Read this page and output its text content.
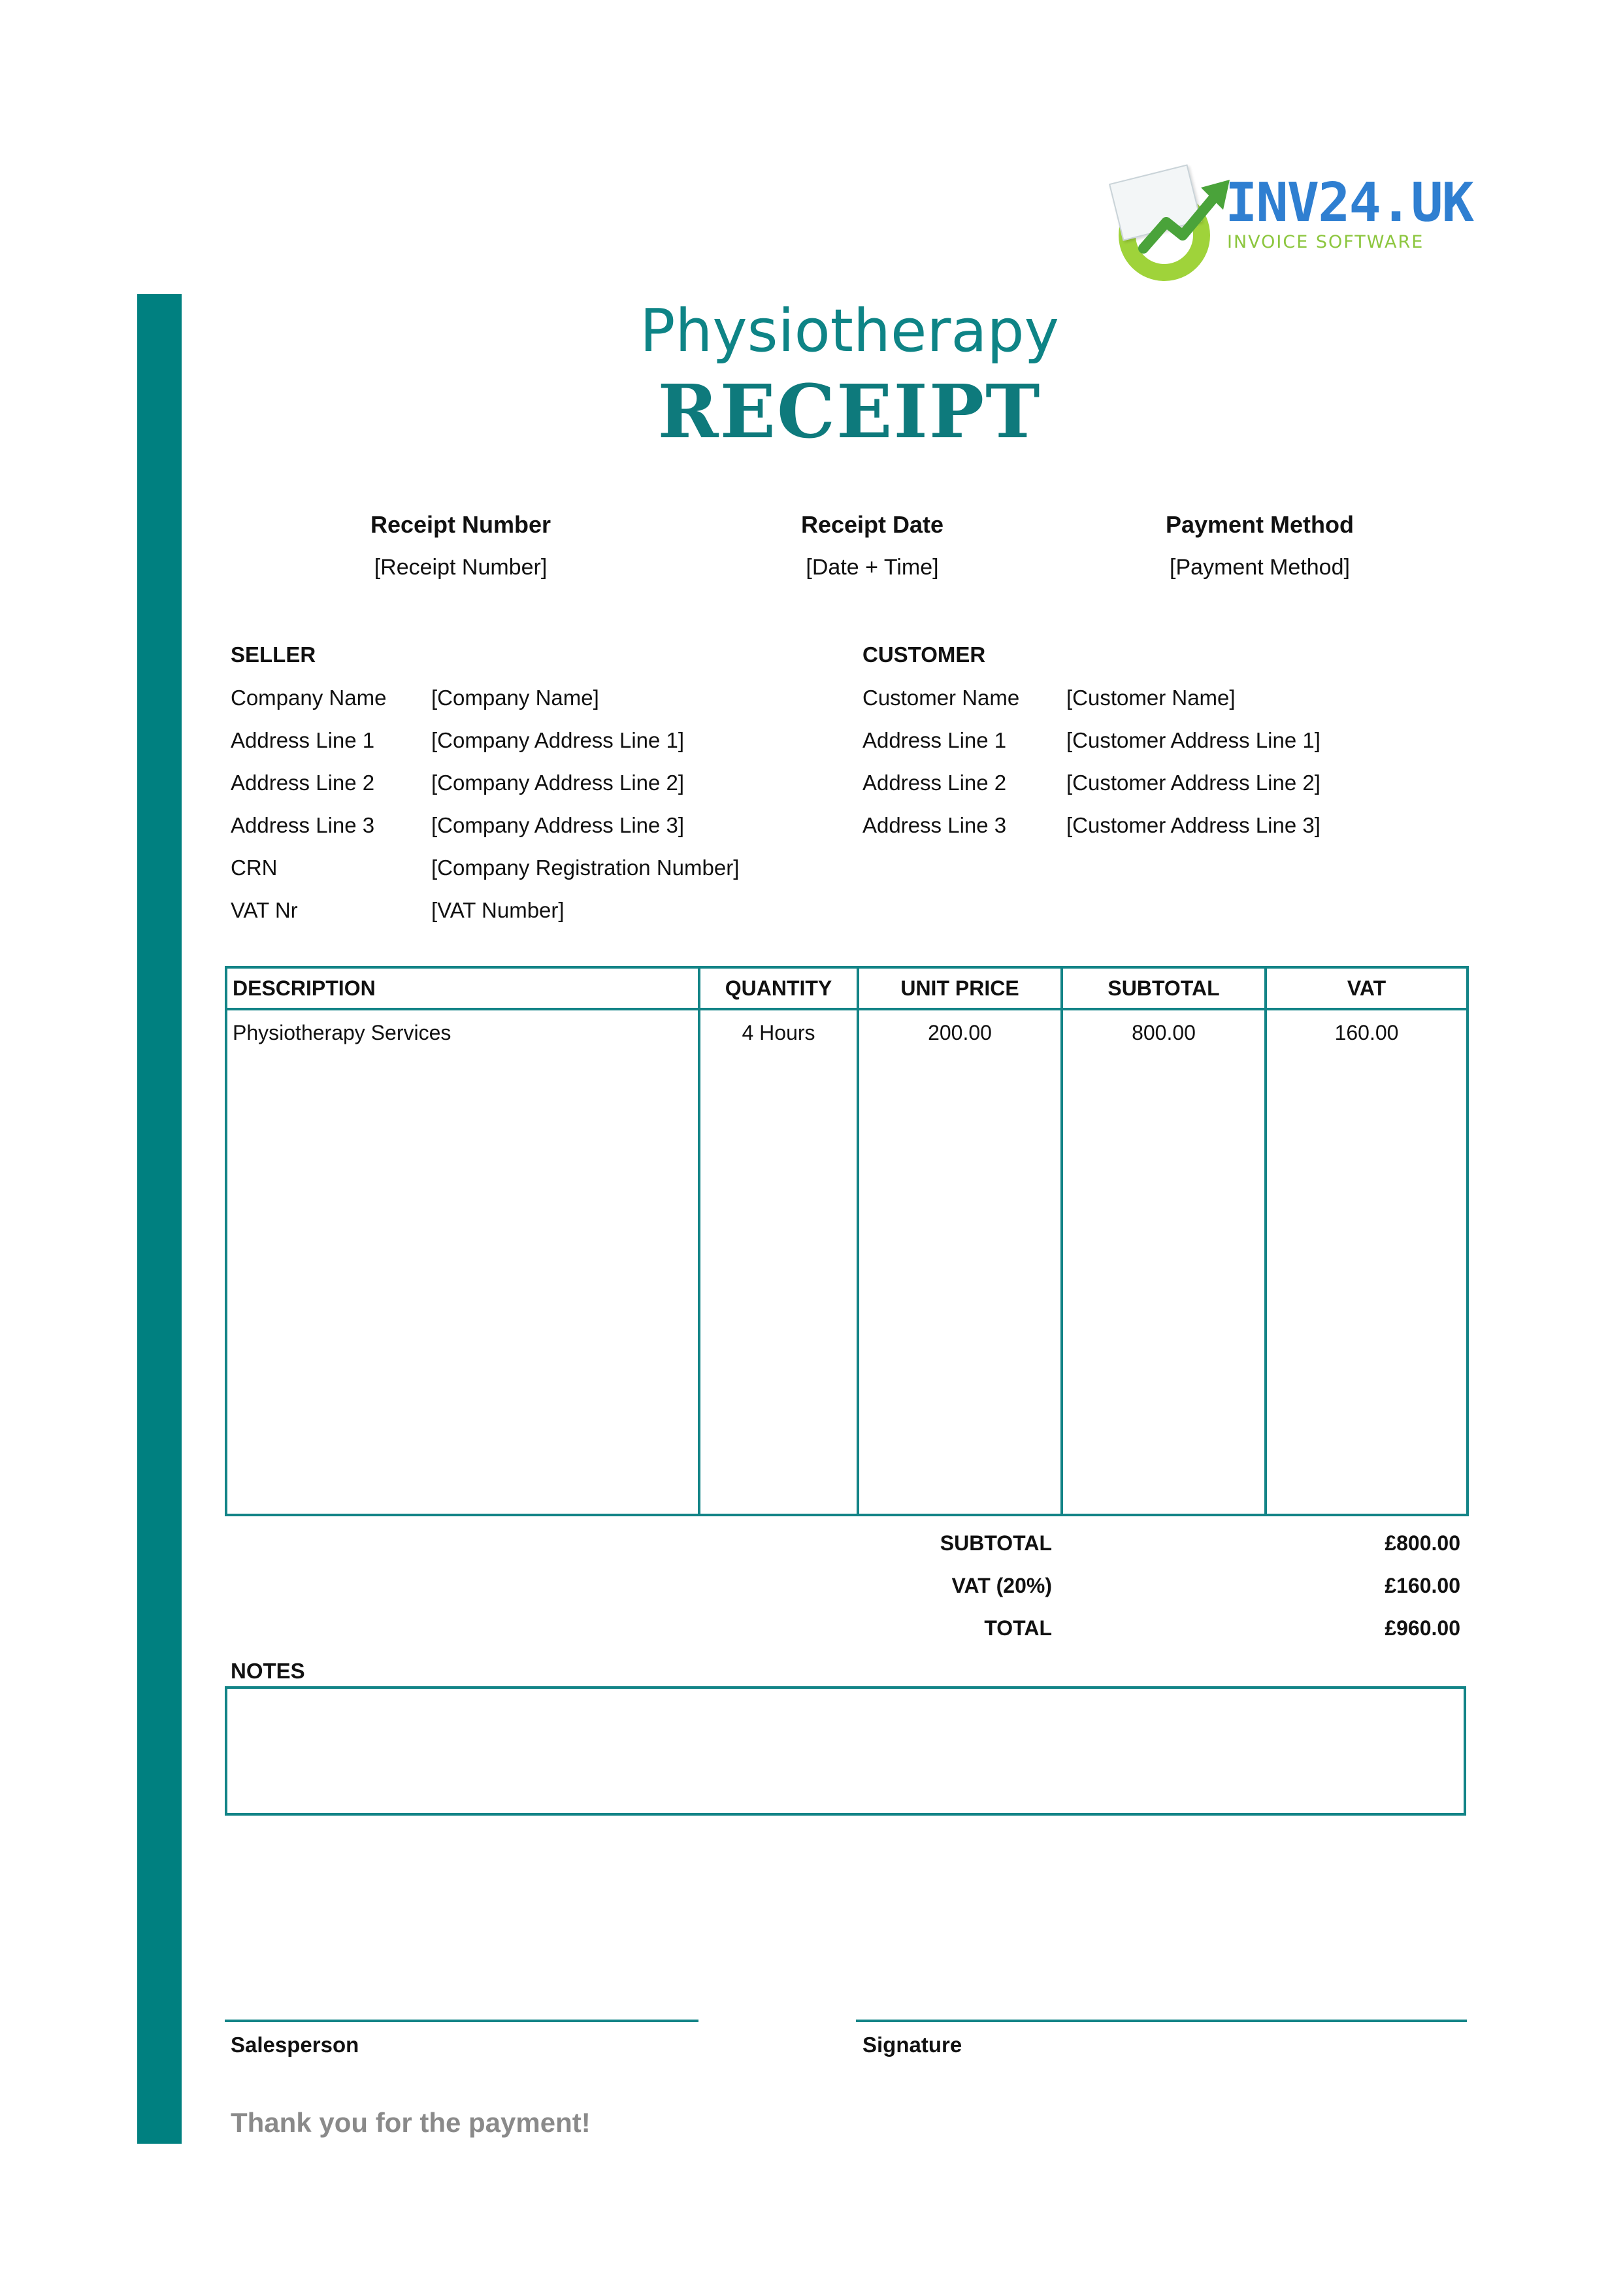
INV24.UK
INVOICE SOFTWARE
Physiotherapy
RECEIPT
Receipt Number
[Receipt Number]
Receipt Date
[Date + Time]
Payment Method
[Payment Method]
SELLER
Company Name [Company Name]
Address Line 1	[Company Address Line 1]
Address Line 2	[Company Address Line 2]
Address Line 3	[Company Address Line 3]
CRN	[Company Registration Number]
VAT Nr	[VAT Number]
CUSTOMER
Customer Name [Customer Name]
Address Line 1	[Customer Address Line 1]
Address Line 2	[Customer Address Line 2]
Address Line 3	[Customer Address Line 3]
DESCRIPTION	QUANTITY	UNIT PRICE	SUBTOTAL	VAT
Physiotherapy Services	4 Hours	200.00	800.00	160.00
SUBTOTAL	£800.00
VAT (20%)	£160.00
TOTAL	£960.00
NOTES
Salesperson	Signature
Thank you for the payment!
